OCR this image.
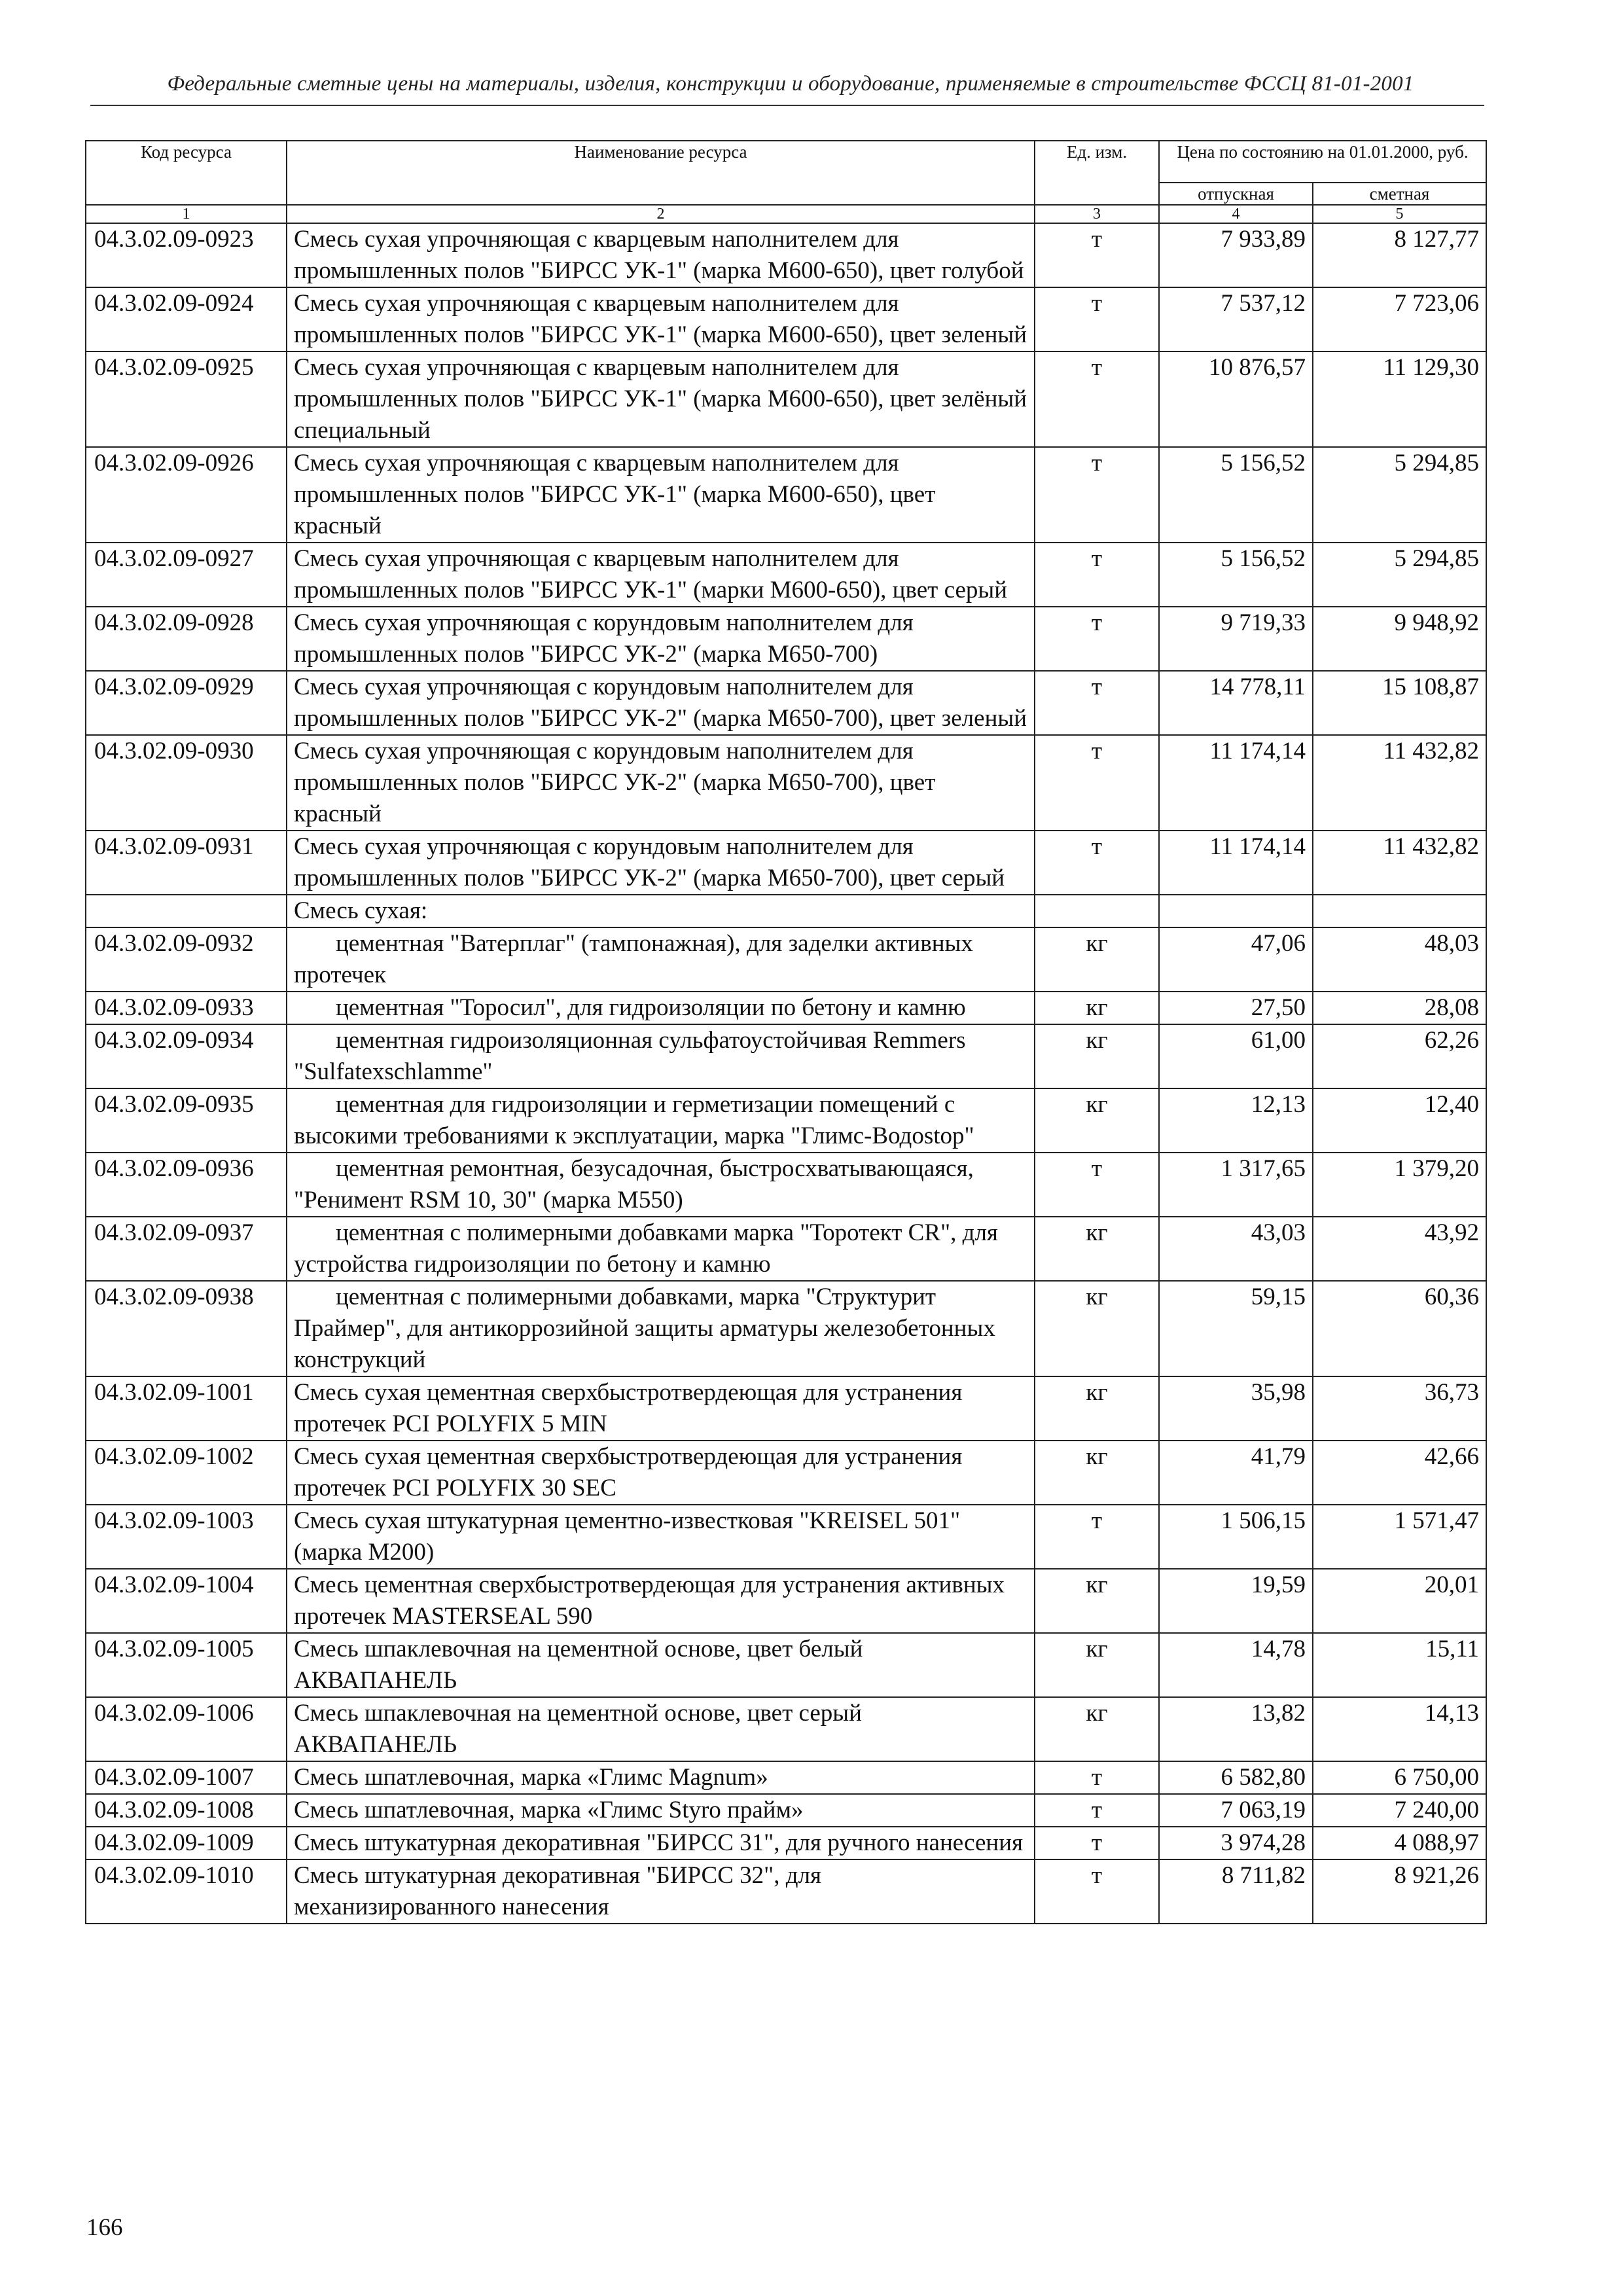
Федеральные сметные цены на материалы, изделия, конструкции и оборудование, применяемые в строительстве ФССЦ 81-01-2001
Код ресурса	Наименование ресурса	Ед. изм.	Цена по состоянию на 01.01.2000, руб.	
			отпускная	сметная
1	2	3	4	5
04.3.02.09-0923	Смесь сухая упрочняющая с кварцевым наполнителем для промышленных полов "БИРСС УК-1" (марка М600-650), цвет голубой	т	7 933,89	8 127,77
04.3.02.09-0924	Смесь сухая упрочняющая с кварцевым наполнителем для промышленных полов "БИРСС УК-1" (марка М600-650), цвет зеленый	т	7 537,12	7 723,06
04.3.02.09-0925	Смесь сухая упрочняющая с кварцевым наполнителем для промышленных полов "БИРСС УК-1" (марка М600-650), цвет зелёный специальный	т	10 876,57	11 129,30
04.3.02.09-0926	Смесь сухая упрочняющая с кварцевым наполнителем для промышленных полов "БИРСС УК-1" (марка М600-650), цвет красный	т	5 156,52	5 294,85
04.3.02.09-0927	Смесь сухая упрочняющая с кварцевым наполнителем для промышленных полов "БИРСС УК-1" (марки М600-650), цвет серый	т	5 156,52	5 294,85
04.3.02.09-0928	Смесь сухая упрочняющая с корундовым наполнителем для промышленных полов "БИРСС УК-2" (марка М650-700)	т	9 719,33	9 948,92
04.3.02.09-0929	Смесь сухая упрочняющая с корундовым наполнителем для промышленных полов "БИРСС УК-2" (марка М650-700), цвет зеленый	т	14 778,11	15 108,87
04.3.02.09-0930	Смесь сухая упрочняющая с корундовым наполнителем для промышленных полов "БИРСС УК-2" (марка М650-700), цвет красный	т	11 174,14	11 432,82
04.3.02.09-0931	Смесь сухая упрочняющая с корундовым наполнителем для промышленных полов "БИРСС УК-2" (марка М650-700), цвет серый	т	11 174,14	11 432,82
	Смесь сухая:			
04.3.02.09-0932	цементная "Ватерплаг" (тампонажная), для заделки активных протечек	кг	47,06	48,03
04.3.02.09-0933	цементная "Торосил", для гидроизоляции по бетону и камню	кг	27,50	28,08
04.3.02.09-0934	цементная гидроизоляционная сульфатоустойчивая Remmers "Sulfatexschlamme"	кг	61,00	62,26
04.3.02.09-0935	цементная для гидроизоляции и герметизации помещений с высокими требованиями к эксплуатации, марка "Глимс-Водоstop"	кг	12,13	12,40
04.3.02.09-0936	цементная ремонтная, безусадочная, быстросхватывающаяся, "Ренимент RSM 10, 30" (марка М550)	т	1 317,65	1 379,20
04.3.02.09-0937	цементная с полимерными добавками марка "Торотект CR", для устройства гидроизоляции по бетону и камню	кг	43,03	43,92
04.3.02.09-0938	цементная с полимерными добавками, марка "Структурит Праймер", для антикоррозийной защиты арматуры железобетонных конструкций	кг	59,15	60,36
04.3.02.09-1001	Смесь сухая цементная сверхбыстротвердеющая для устранения протечек PCI POLYFIX 5 MIN	кг	35,98	36,73
04.3.02.09-1002	Смесь сухая цементная сверхбыстротвердеющая для устранения протечек PCI POLYFIX 30 SEC	кг	41,79	42,66
04.3.02.09-1003	Смесь сухая штукатурная цементно-известковая "KREISEL 501" (марка М200)	т	1 506,15	1 571,47
04.3.02.09-1004	Смесь цементная сверхбыстротвердеющая для устранения активных протечек MASTERSEAL 590	кг	19,59	20,01
04.3.02.09-1005	Смесь шпаклевочная на цементной основе, цвет белый АКВАПАНЕЛЬ	кг	14,78	15,11
04.3.02.09-1006	Смесь шпаклевочная на цементной основе, цвет серый АКВАПАНЕЛЬ	кг	13,82	14,13
04.3.02.09-1007	Смесь шпатлевочная, марка «Глимс Magnum»	т	6 582,80	6 750,00
04.3.02.09-1008	Смесь шпатлевочная, марка «Глимс Styro прайм»	т	7 063,19	7 240,00
04.3.02.09-1009	Смесь штукатурная декоративная "БИРСС 31", для ручного нанесения	т	3 974,28	4 088,97
04.3.02.09-1010	Смесь штукатурная декоративная "БИРСС 32", для механизированного нанесения	т	8 711,82	8 921,26
166
